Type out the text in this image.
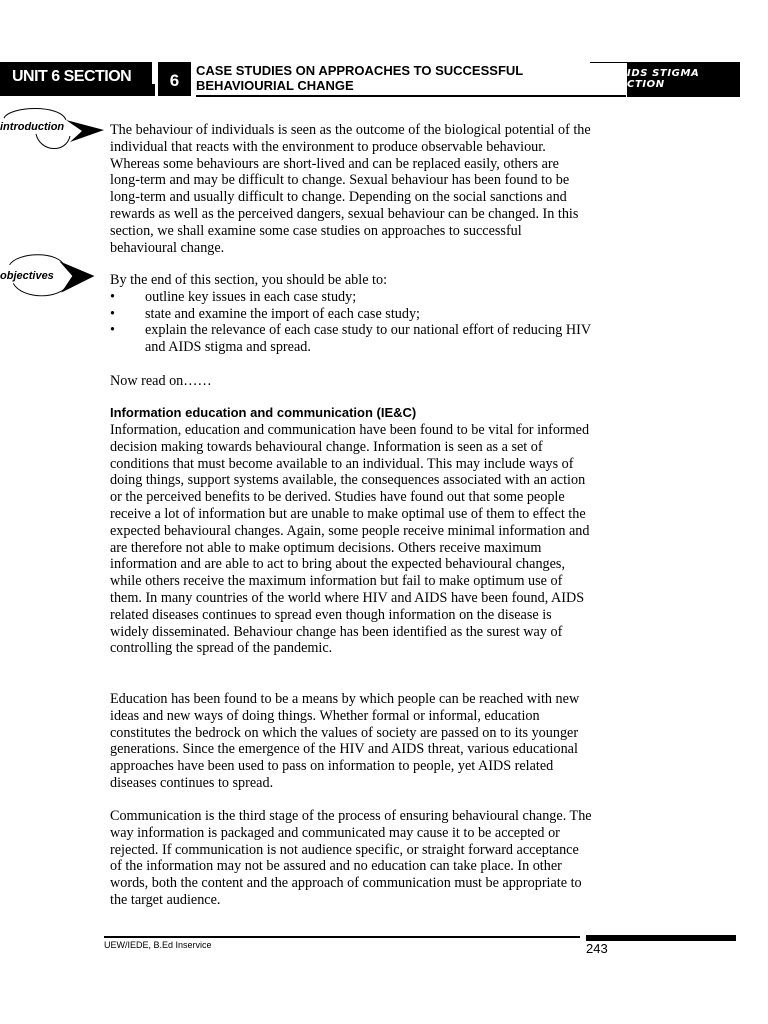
UNIT 6 SECTION	6
CASE STUDIES ON APPROACHES TO SUCCESSFUL
BEHAVIOURIAL CHANGE
IDS STIGMA
CTION
introduction	The behaviour of individuals is seen as the outcome of the biological potential of the individual that reacts with the environment to produce observable behaviour. Whereas some behaviours are short-lived and can be replaced easily, others are long-term and may be difficult to change. Sexual behaviour has been found to be long-term and usually difficult to change. Depending on the social sanctions and rewards as well as the perceived dangers, sexual behaviour can be changed. In this section, we shall examine some case studies on approaches to successful behavioural change.

objectives	By the end of this section, you should be able to:
• outline key issues in each case study;
• state and examine the import of each case study;
• explain the relevance of each case study to our national effort of reducing HIV and AIDS stigma and spread.
Now read on……
Information education and communication (IE&C)
Information, education and communication have been found to be vital for informed decision making towards behavioural change. Information is seen as a set of conditions that must become available to an individual. This may include ways of doing things, support systems available, the consequences associated with an action or the perceived benefits to be derived. Studies have found out that some people receive a lot of information but are unable to make optimal use of them to effect the expected behavioural changes. Again, some people receive minimal information and are therefore not able to make optimum decisions. Others receive maximum information and are able to act to bring about the expected behavioural changes, while others receive the maximum information but fail to make optimum use of them. In many countries of the world where HIV and AIDS have been found, AIDS related diseases continues to spread even though information on the disease is widely disseminated. Behaviour change has been identified as the surest way of controlling the spread of the pandemic.
Education has been found to be a means by which people can be reached with new ideas and new ways of doing things. Whether formal or informal, education constitutes the bedrock on which the values of society are passed on to its younger generations. Since the emergence of the HIV and AIDS threat, various educational approaches have been used to pass on information to people, yet AIDS related diseases continues to spread.
Communication is the third stage of the process of ensuring behavioural change. The way information is packaged and communicated may cause it to be accepted or rejected. If communication is not audience specific, or straight forward acceptance of the information may not be assured and no education can take place. In other words, both the content and the approach of communication must be appropriate to the target audience.
UEW/IEDE, B.Ed Inservice	243
